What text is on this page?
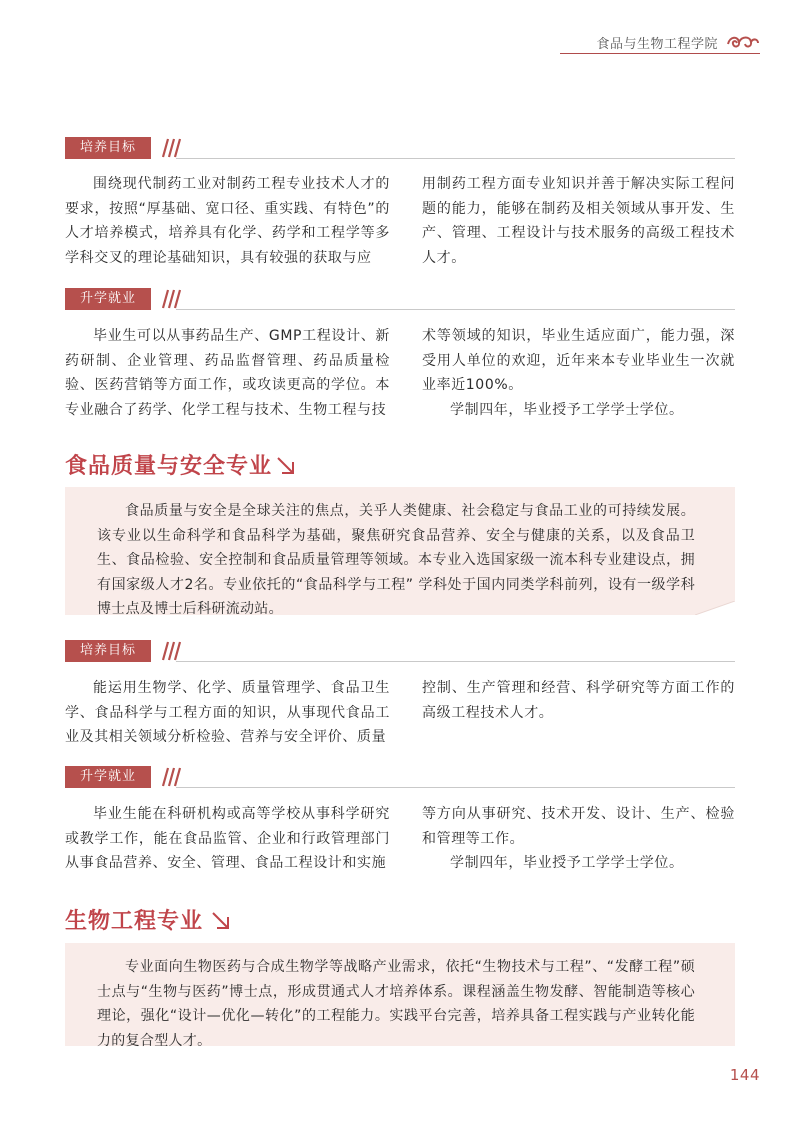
食品与生物工程学院
培养目标

围绕现代制药工业对制药工程专业技术人才的要求，按照“厚基础、宽口径、重实践、有特色”的人才培养模式，培养具有化学、药学和工程学等多学科交叉的理论基础知识，具有较强的获取与应

用制药工程方面专业知识并善于解决实际工程问题的能力，能够在制药及相关领域从事开发、生产、管理、工程设计与技术服务的高级工程技术人才。

升学就业

毕业生可以从事药品生产、GMP工程设计、新药研制、企业管理、药品监督管理、药品质量检验、医药营销等方面工作，或攻读更高的学位。本专业融合了药学、化学工程与技术、生物工程与技

术等领域的知识，毕业生适应面广，能力强，深受用人单位的欢迎，近年来本专业毕业生一次就业率近100%。

学制四年，毕业授予工学学士学位。

食品质量与安全专业

食品质量与安全是全球关注的焦点，关乎人类健康、社会稳定与食品工业的可持续发展。该专业以生命科学和食品科学为基础，聚焦研究食品营养、安全与健康的关系，以及食品卫生、食品检验、安全控制和食品质量管理等领域。本专业入选国家级一流本科专业建设点，拥有国家级人才2名。专业依托的“食品科学与工程” 学科处于国内同类学科前列，设有一级学科博士点及博士后科研流动站。

培养目标

能运用生物学、化学、质量管理学、食品卫生学、食品科学与工程方面的知识，从事现代食品工业及其相关领域分析检验、营养与安全评价、质量

控制、生产管理和经营、科学研究等方面工作的高级工程技术人才。

升学就业

毕业生能在科研机构或高等学校从事科学研究或教学工作，能在食品监管、企业和行政管理部门从事食品营养、安全、管理、食品工程设计和实施

等方向从事研究、技术开发、设计、生产、检验和管理等工作。

学制四年，毕业授予工学学士学位。

生物工程专业

专业面向生物医药与合成生物学等战略产业需求，依托“生物技术与工程”、“发酵工程”硕士点与“生物与医药”博士点，形成贯通式人才培养体系。课程涵盖生物发酵、智能制造等核心理论，强化“设计—优化—转化”的工程能力。实践平台完善，培养具备工程实践与产业转化能力的复合型人才。

144
